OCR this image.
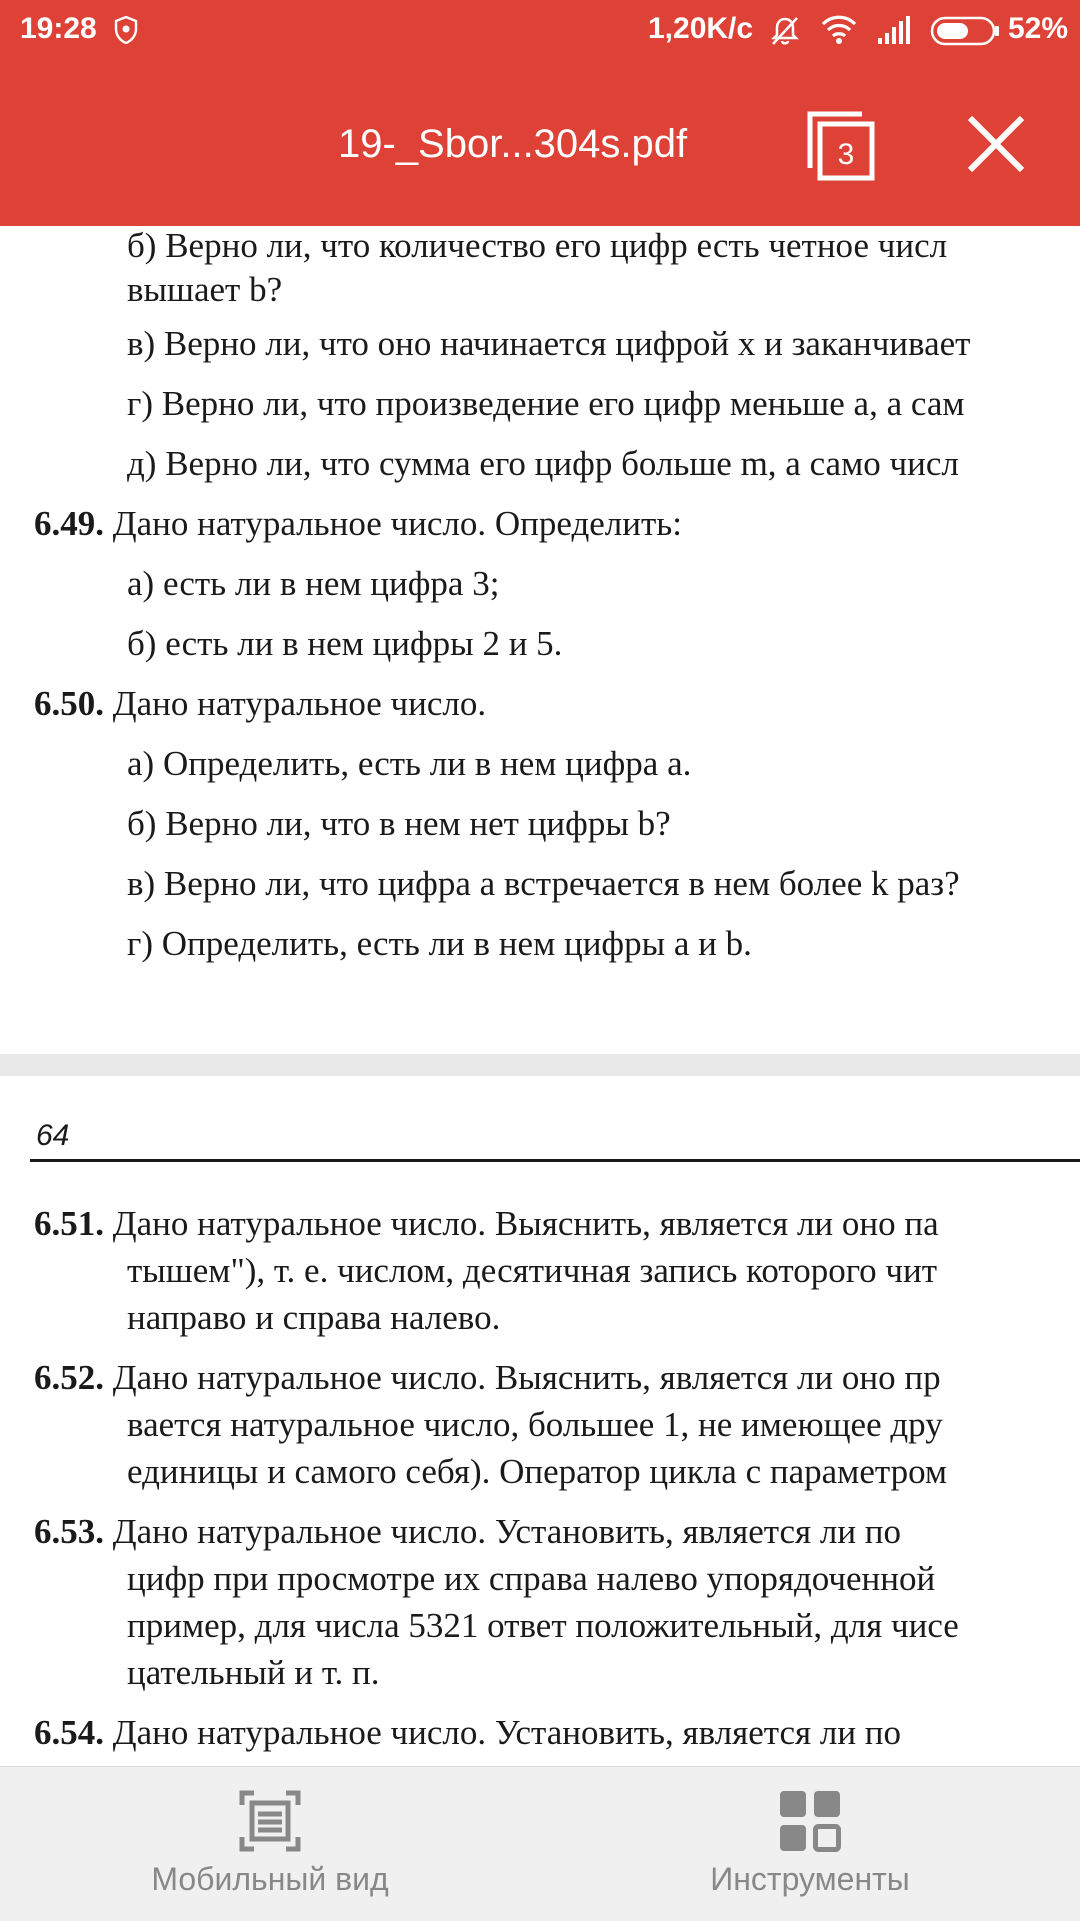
19:28	1,20K/c	52%
19-_Sbor...304s.pdf	3
б) Верно ли, что количество его цифр есть четное числ
вышает b?
в) Верно ли, что оно начинается цифрой x и заканчивает
г) Верно ли, что произведение его цифр меньше a, а сам
д) Верно ли, что сумма его цифр больше m, а само числ
6.49. Дано натуральное число. Определить:
а) есть ли в нем цифра 3;
б) есть ли в нем цифры 2 и 5.
6.50. Дано натуральное число.
а) Определить, есть ли в нем цифра a.
б) Верно ли, что в нем нет цифры b?
в) Верно ли, что цифра a встречается в нем более k раз?
г) Определить, есть ли в нем цифры a и b.
64
6.51. Дано натуральное число. Выяснить, является ли оно па
тышем"), т. е. числом, десятичная запись которого чит
направо и справа налево.
6.52. Дано натуральное число. Выяснить, является ли оно пр
вается натуральное число, большее 1, не имеющее дру
единицы и самого себя). Оператор цикла с параметром
6.53. Дано натуральное число. Установить, является ли по
цифр при просмотре их справа налево упорядоченной
пример, для числа 5321 ответ положительный, для чисе
цательный и т. п.
6.54. Дано натуральное число. Установить, является ли по
Мобильный вид	Инструменты
